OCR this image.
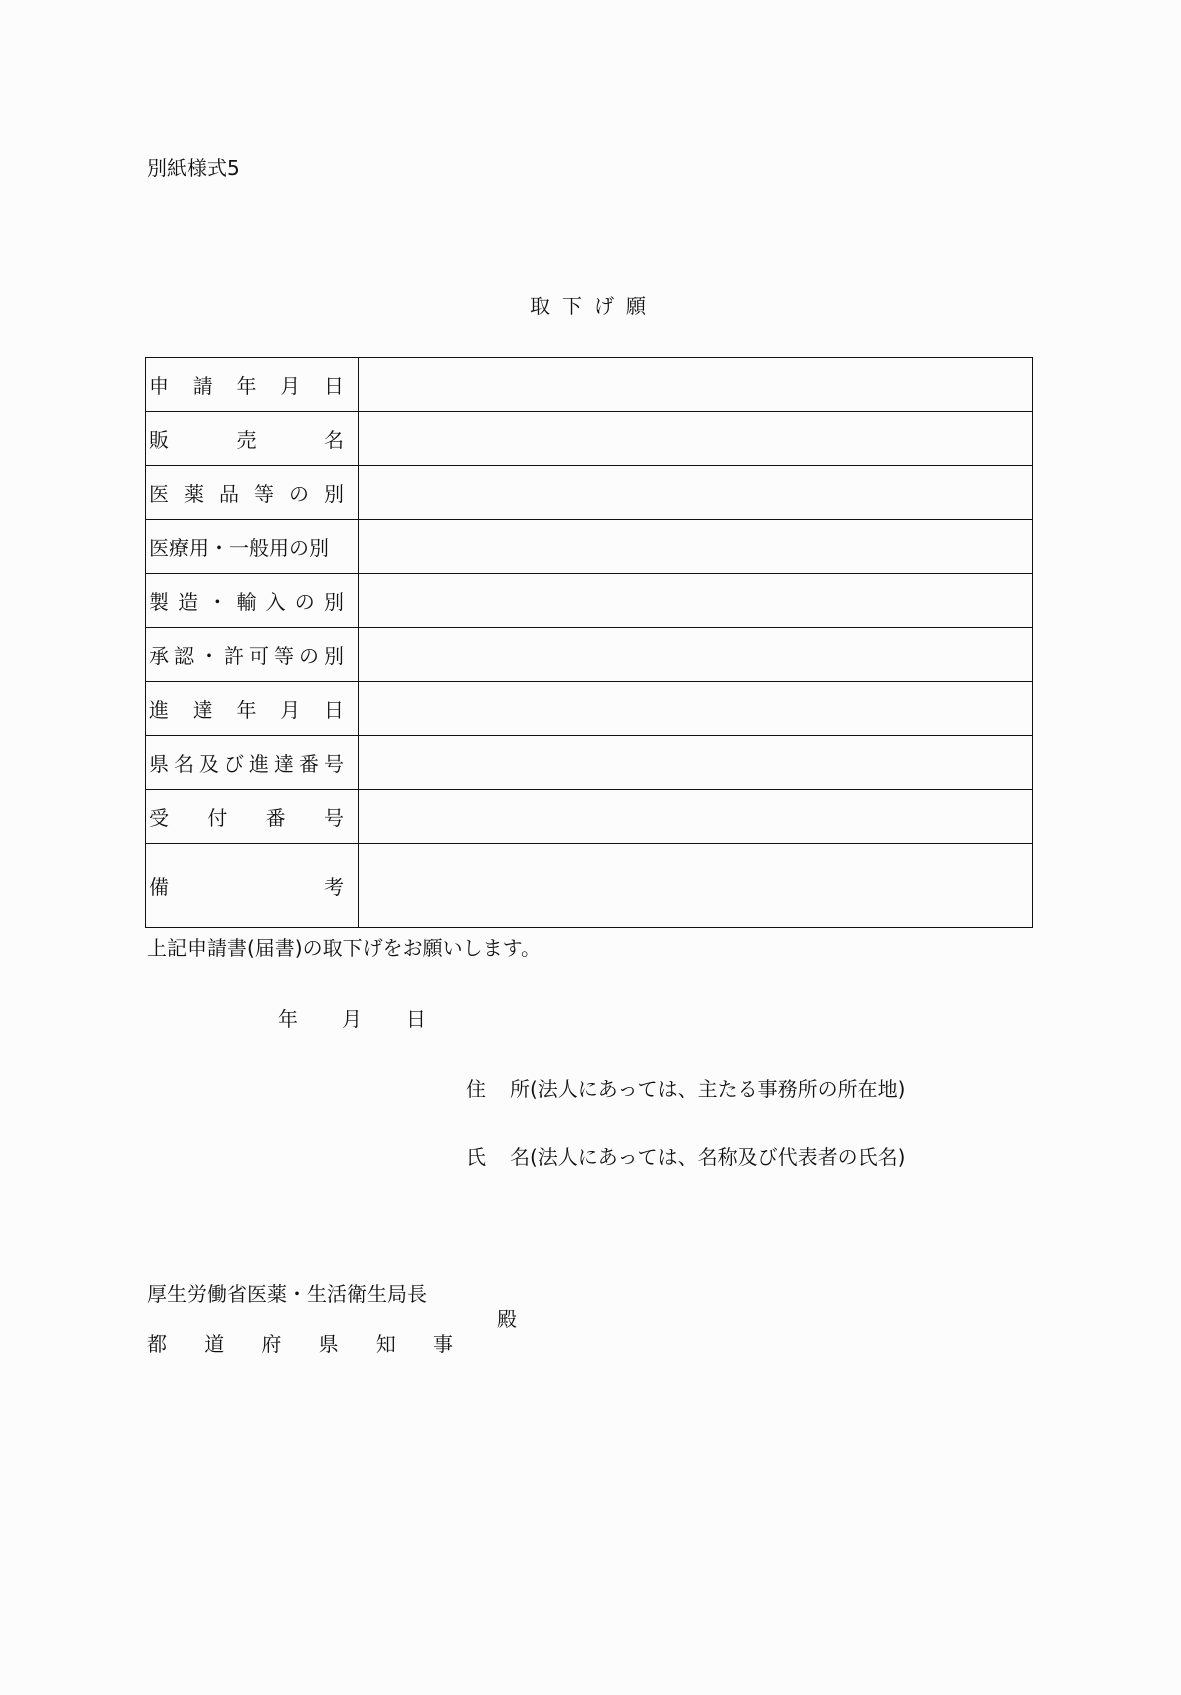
別紙様式5
取下げ願
申 請 年 月 日	

販 売 名	

医 薬 品 等 の 別

医療用・一般用の別	

製 造 ・ 輸 入 の 別

承 認 ・ 許 可 等 の 別

進 達 年 月 日	

県 名 及 び 進 達 番 号

受 付 番 号	

備 考	

上記申請書(届書)の取下げをお願いします。
年 月 日
住 所(法人にあっては、主たる事務所の所在地)
氏 名(法人にあっては、名称及び代表者の氏名)
厚生労働省医薬・生活衛生局長
都 道 府 県 知 事
殿
